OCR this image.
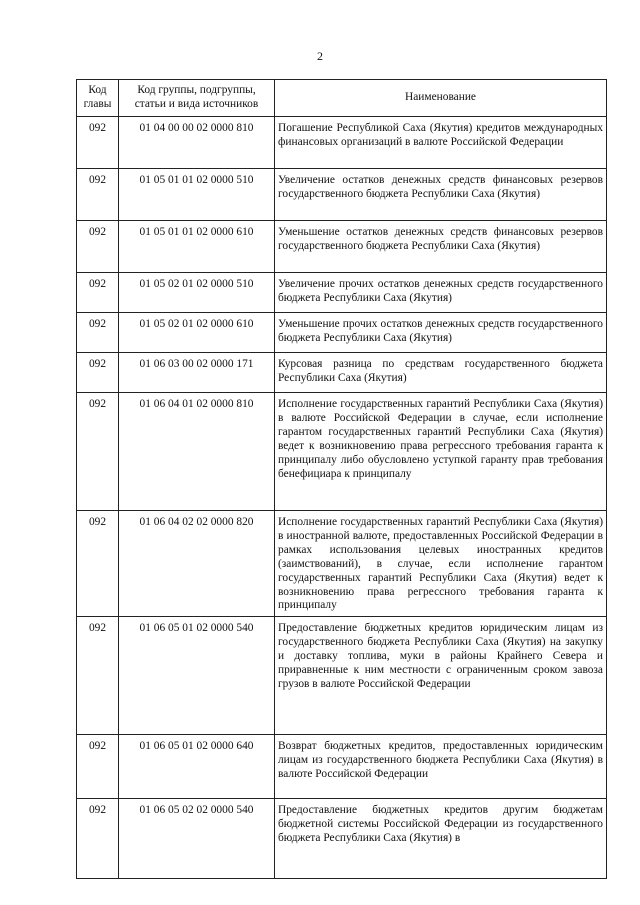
2
Код главы	Код группы, подгруппы, статьи и вида источников	Наименование
092	01 04 00 00 02 0000 810	Погашение Республикой Саха (Якутия) кредитов международных финансовых организаций в валюте Российской Федерации
092	01 05 01 01 02 0000 510	Увеличение остатков денежных средств финансовых резервов государственного бюджета Республики Саха (Якутия)
092	01 05 01 01 02 0000 610	Уменьшение остатков денежных средств финансовых резервов государственного бюджета Республики Саха (Якутия)
092	01 05 02 01 02 0000 510	Увеличение прочих остатков денежных средств государственного бюджета Республики Саха (Якутия)
092	01 05 02 01 02 0000 610	Уменьшение прочих остатков денежных средств государственного бюджета Республики Саха (Якутия)
092	01 06 03 00 02 0000 171	Курсовая разница по средствам государственного бюджета Республики Саха (Якутия)
092	01 06 04 01 02 0000 810	Исполнение государственных гарантий Республики Саха (Якутия) в валюте Российской Федерации в случае, если исполнение гарантом государственных гарантий Республики Саха (Якутия) ведет к возникновению права регрессного требования гаранта к принципалу либо обусловлено уступкой гаранту прав требования бенефициара к принципалу
092	01 06 04 02 02 0000 820	Исполнение государственных гарантий Республики Саха (Якутия) в иностранной валюте, предоставленных Российской Федерации в рамках использования целевых иностранных кредитов (заимствований), в случае, если исполнение гарантом государственных гарантий Республики Саха (Якутия) ведет к возникновению права регрессного требования гаранта к принципалу
092	01 06 05 01 02 0000 540	Предоставление бюджетных кредитов юридическим лицам из государственного бюджета Республики Саха (Якутия) на закупку и доставку топлива, муки в районы Крайнего Севера и приравненные к ним местности с ограниченным сроком завоза грузов в валюте Российской Федерации
092	01 06 05 01 02 0000 640	Возврат бюджетных кредитов, предоставленных юридическим лицам из государственного бюджета Республики Саха (Якутия) в валюте Российской Федерации
092	01 06 05 02 02 0000 540	Предоставление бюджетных кредитов другим бюджетам бюджетной системы Российской Федерации из государственного бюджета Республики Саха (Якутия) в
